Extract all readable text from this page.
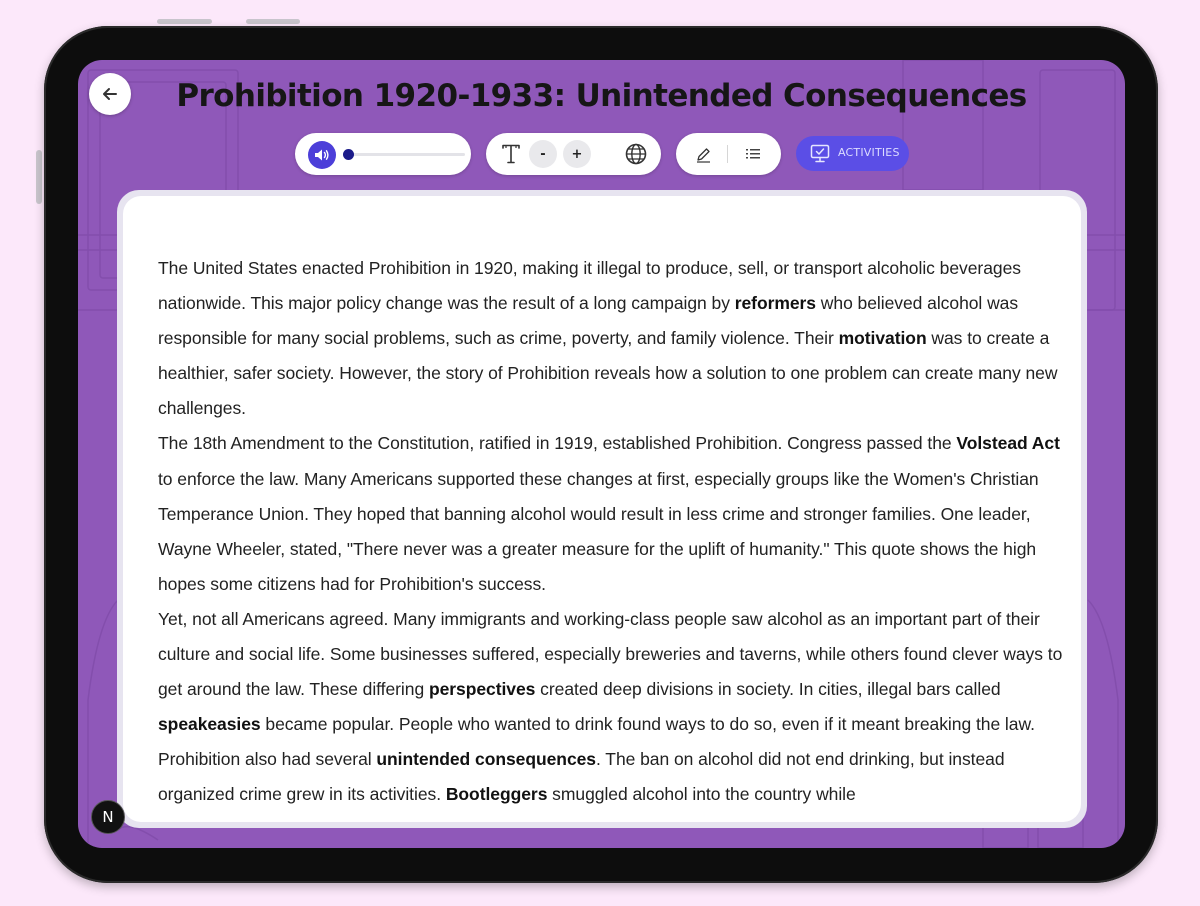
Prohibition 1920-1933: Unintended Consequences
-	+	ACTIVITIES

The United States enacted Prohibition in 1920, making it illegal to produce, sell, or transport alcoholic beverages nationwide. This major policy change was the result of a long campaign by reformers who believed alcohol was responsible for many social problems, such as crime, poverty, and family violence. Their motivation was to create a healthier, safer society. However, the story of Prohibition reveals how a solution to one problem can create many new challenges.

The 18th Amendment to the Constitution, ratified in 1919, established Prohibition. Congress passed the Volstead Act to enforce the law. Many Americans supported these changes at first, especially groups like the Women's Christian Temperance Union. They hoped that banning alcohol would result in less crime and stronger families. One leader, Wayne Wheeler, stated, "There never was a greater measure for the uplift of humanity." This quote shows the high hopes some citizens had for Prohibition's success.

Yet, not all Americans agreed. Many immigrants and working-class people saw alcohol as an important part of their culture and social life. Some businesses suffered, especially breweries and taverns, while others found clever ways to get around the law. These differing perspectives created deep divisions in society. In cities, illegal bars called speakeasies became popular. People who wanted to drink found ways to do so, even if it meant breaking the law.

Prohibition also had several unintended consequences. The ban on alcohol did not end drinking, but instead organized crime grew in its activities. Bootleggers smuggled alcohol into the country while

N
